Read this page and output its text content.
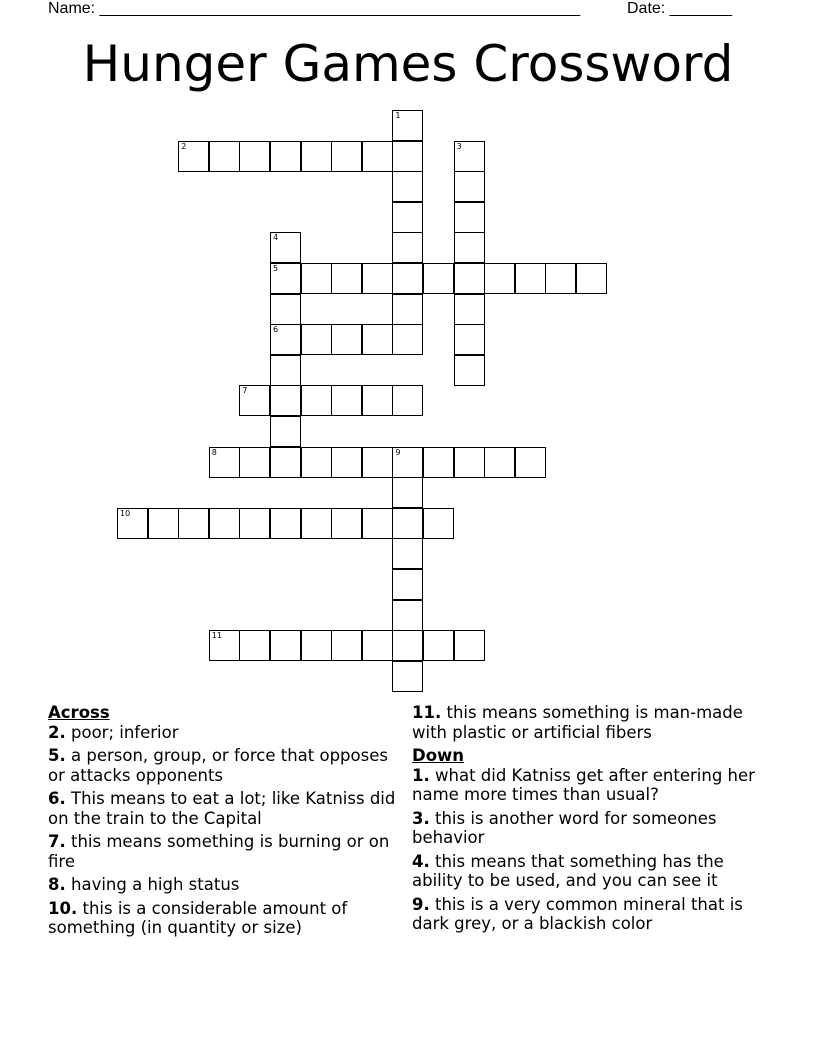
Name: ______________________________________________________	Date: _______
Hunger Games Crossword
1
2	3
4
5
6
7
8	9
10
11

Across

2. poor; inferior

5. a person, group, or force that opposes or attacks opponents

6. This means to eat a lot; like Katniss did on the train to the Capital

7. this means something is burning or on fire

8. having a high status

10. this is a considerable amount of something (in quantity or size)

11. this means something is man-made with plastic or artificial fibers

Down

1. what did Katniss get after entering her name more times than usual?

3. this is another word for someones behavior

4. this means that something has the ability to be used, and you can see it

9. this is a very common mineral that is dark grey, or a blackish color
